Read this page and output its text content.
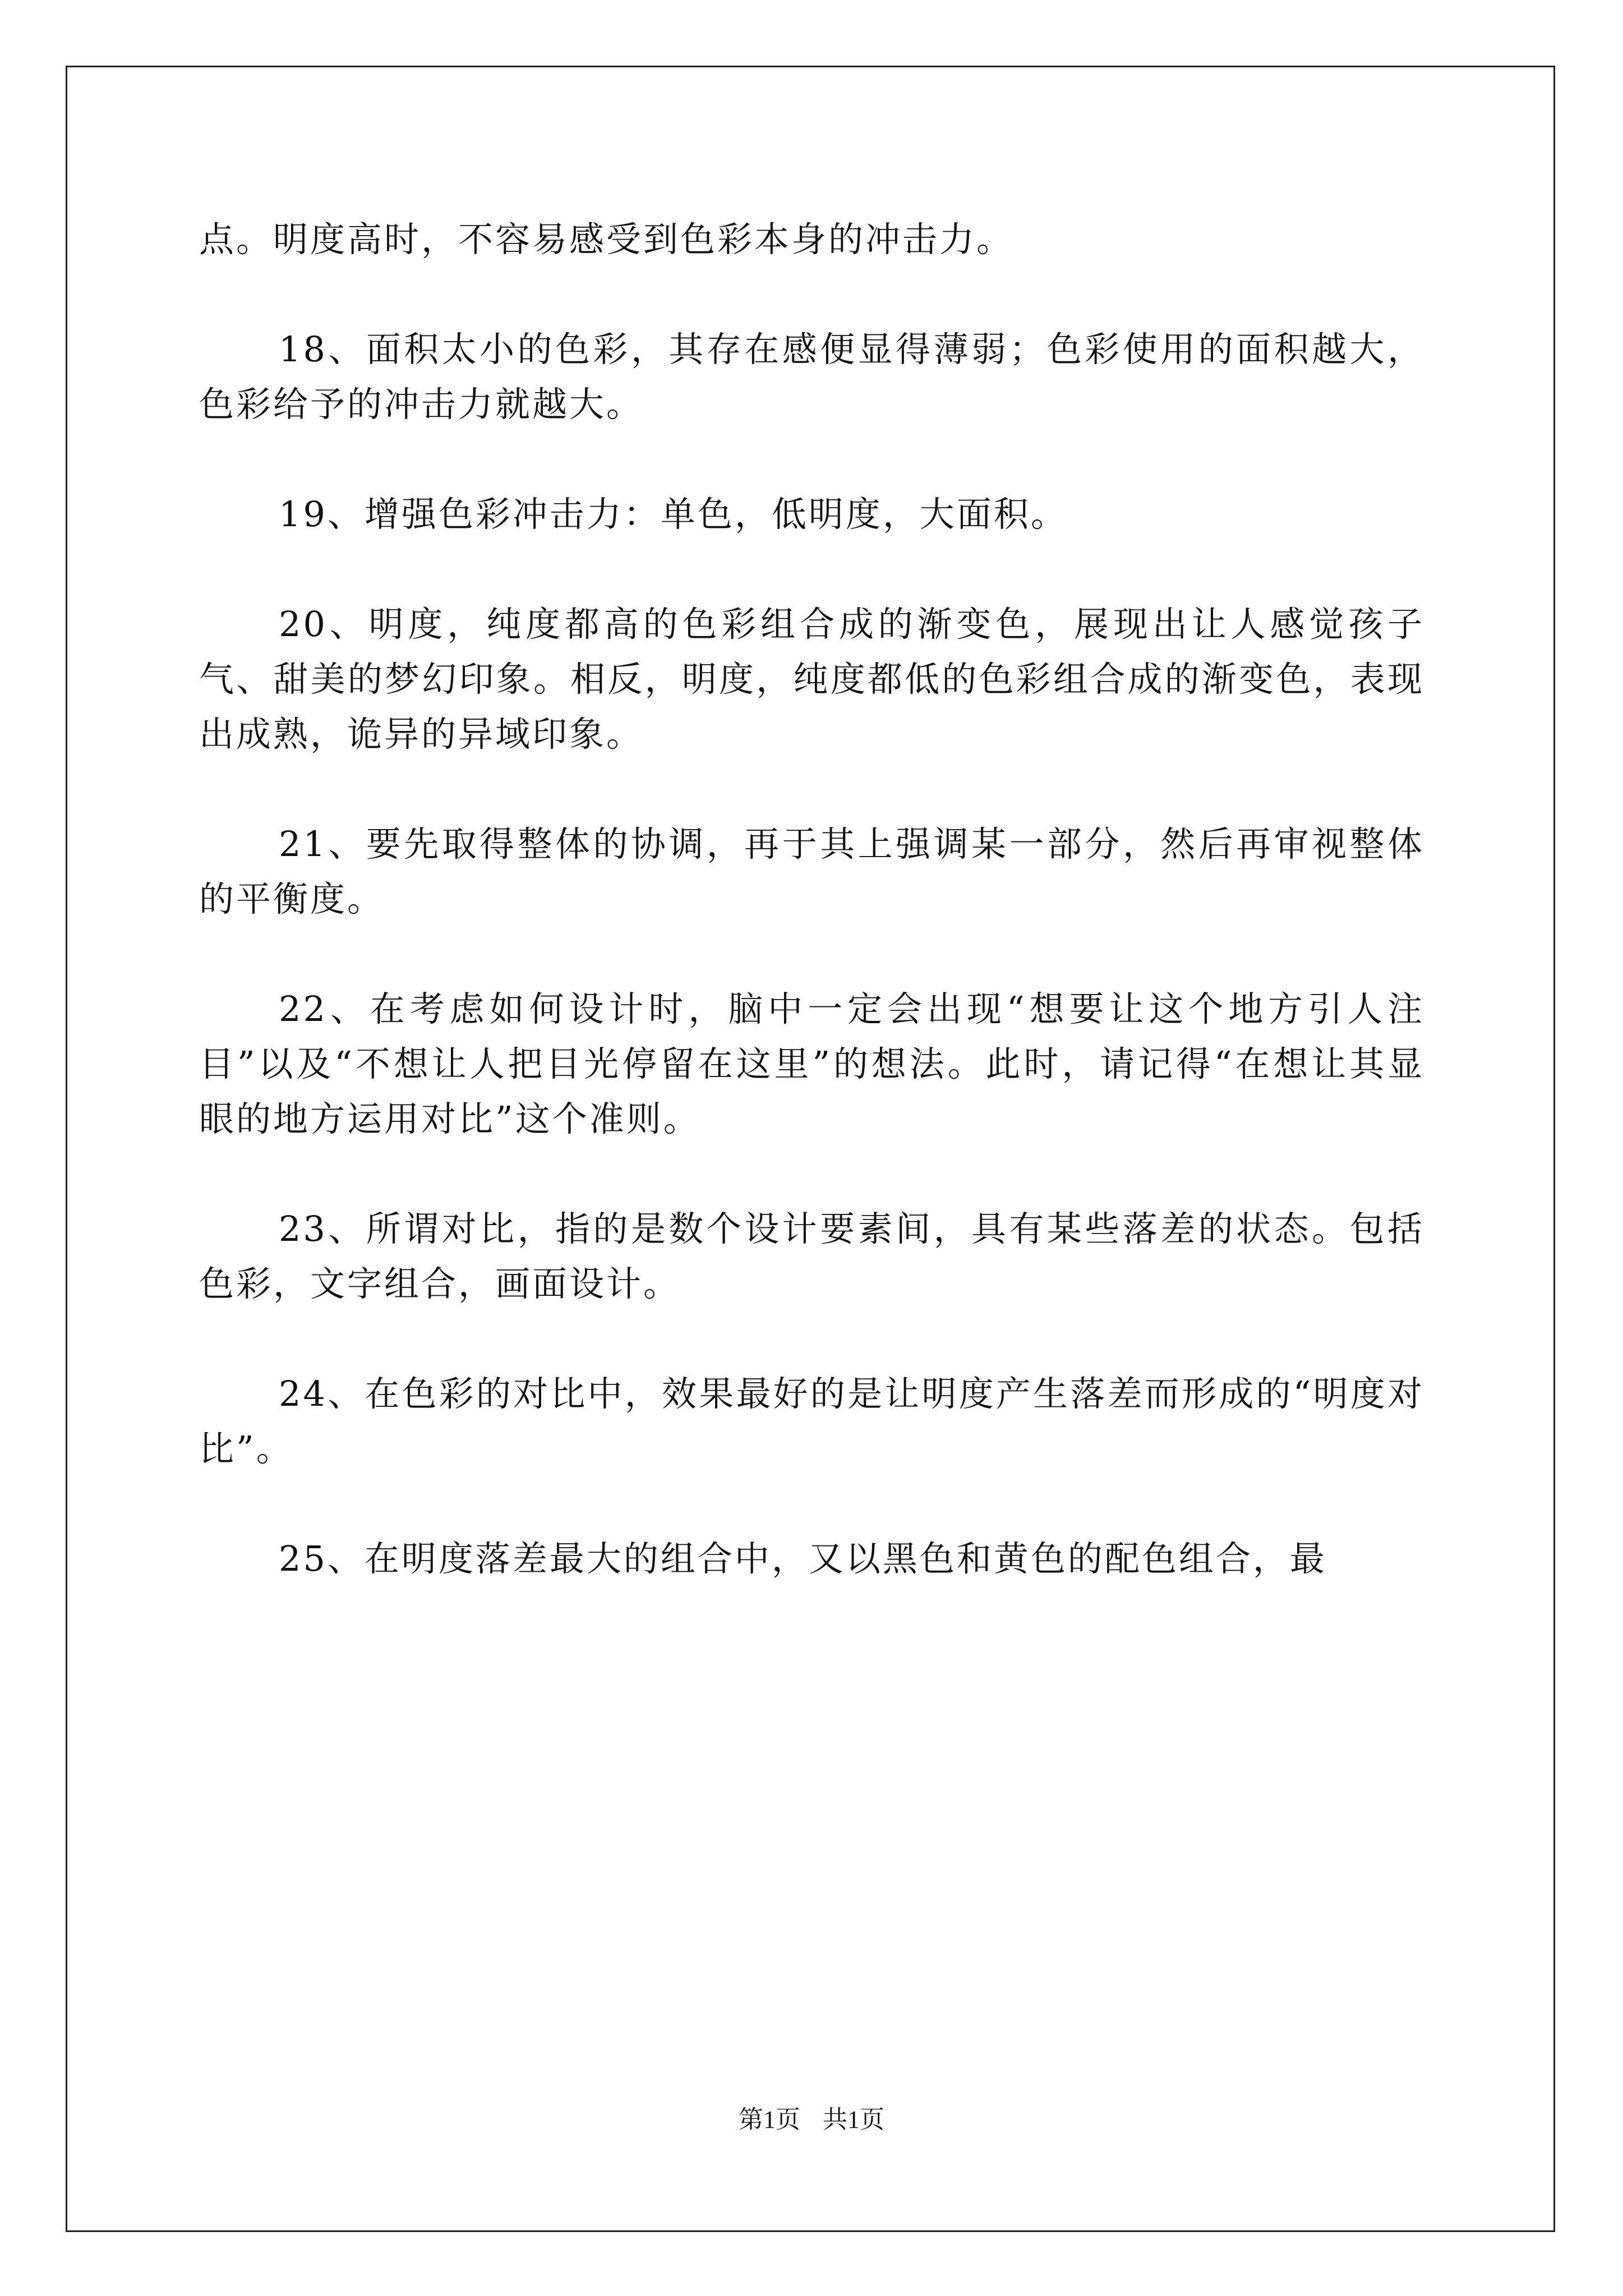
点。明度高时，不容易感受到色彩本身的冲击力。

18、面积太小的色彩，其存在感便显得薄弱；色彩使用的面积越大，色彩给予的冲击力就越大。

19、增强色彩冲击力：单色，低明度，大面积。

20、明度，纯度都高的色彩组合成的渐变色，展现出让人感觉孩子气、甜美的梦幻印象。相反，明度，纯度都低的色彩组合成的渐变色，表现出成熟，诡异的异域印象。

21、要先取得整体的协调，再于其上强调某一部分，然后再审视整体的平衡度。

22、在考虑如何设计时，脑中一定会出现“想要让这个地方引人注目”以及“不想让人把目光停留在这里”的想法。此时，请记得“在想让其显眼的地方运用对比”这个准则。

23、所谓对比，指的是数个设计要素间，具有某些落差的状态。包括色彩，文字组合，画面设计。

24、在色彩的对比中，效果最好的是让明度产生落差而形成的“明度对比”。

25、在明度落差最大的组合中，又以黑色和黄色的配色组合，最

第1页 共1页
